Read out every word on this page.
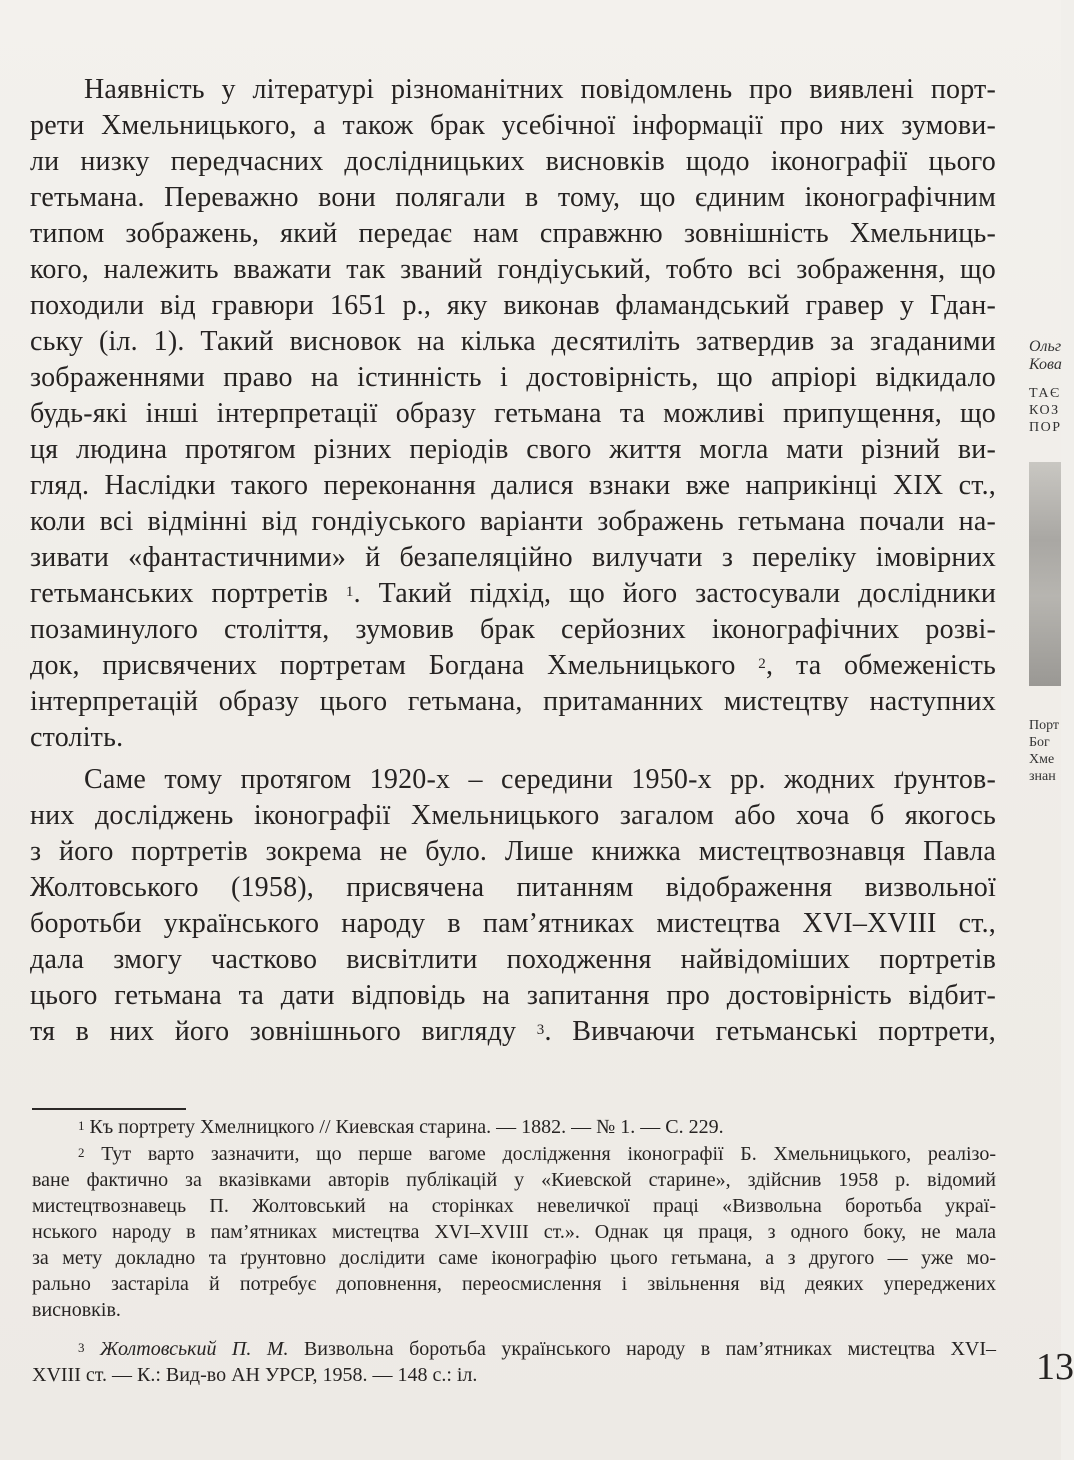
Наявність у літературі різноманітних повідомлень про виявлені порт-
рети Хмельницького, а також брак усебічної інформації про них зумови-
ли низку передчасних дослідницьких висновків щодо іконографії цього
гетьмана. Переважно вони полягали в тому, що єдиним іконографічним
типом зображень, який передає нам справжню зовнішність Хмельниць-
кого, належить вважати так званий гондіуський, тобто всі зображення, що
походили від гравюри 1651 р., яку виконав фламандський гравер у Гдан-
ську (іл. 1). Такий висновок на кілька десятиліть затвердив за згаданими
зображеннями право на істинність і достовірність, що апріорі відкидало
будь-які інші інтерпретації образу гетьмана та можливі припущення, що
ця людина протягом різних періодів свого життя могла мати різний ви-
гляд. Наслідки такого переконання далися взнаки вже наприкінці XIX ст.,
коли всі відмінні від гондіуського варіанти зображень гетьмана почали на-
зивати «фантастичними» й безапеляційно вилучати з переліку імовірних
гетьманських портретів $^1$. Такий підхід, що його застосували дослідники
позаминулого століття, зумовив брак серйозних іконографічних розві-
док, присвячених портретам Богдана Хмельницького $^2$, та обмеженість
інтерпретацій образу цього гетьмана, притаманних мистецтву наступних
століть.
Саме тому протягом 1920-х – середини 1950-х рр. жодних ґрунтов-
них досліджень іконографії Хмельницького загалом або хоча б якогось
з його портретів зокрема не було. Лише книжка мистецтвознавця Павла
Жолтовського (1958), присвячена питанням відображення визвольної
боротьби українського народу в пам’ятниках мистецтва XVI–XVIII ст.,
дала змогу частково висвітлити походження найвідоміших портретів
цього гетьмана та дати відповідь на запитання про достовірність відбит-
тя в них його зовнішнього вигляду $^3$. Вивчаючи гетьманські портрети,
$^1$ Къ портрету Хмелницкого // Киевская старина. — 1882. — № 1. — С. 229.
$^2$ Тут варто зазначити, що перше вагоме дослідження іконографії Б. Хмельницького, реалізо-
ване фактично за вказівками авторів публікацій у «Киевской старине», здійснив 1958 р. відомий
мистецтвознавець П. Жолтовський на сторінках невеличкої праці «Визвольна боротьба украї-
нського народу в пам’ятниках мистецтва XVI–XVIII ст.». Однак ця праця, з одного боку, не мала
за мету докладно та ґрунтовно дослідити саме іконографію цього гетьмана, а з другого — уже мо-
рально застаріла й потребує доповнення, переосмислення і звільнення від деяких упереджених
висновків.
$^3$ Жолтовський П. М. Визвольна боротьба українського народу в пам’ятниках мистецтва XVI–
XVIII ст. — К.: Вид-во АН УРСР, 1958. — 148 с.: іл.
Ольг
Кова
ТАЄ
КОЗ
ПОР
Порт
Бог
Хме
знан
13
